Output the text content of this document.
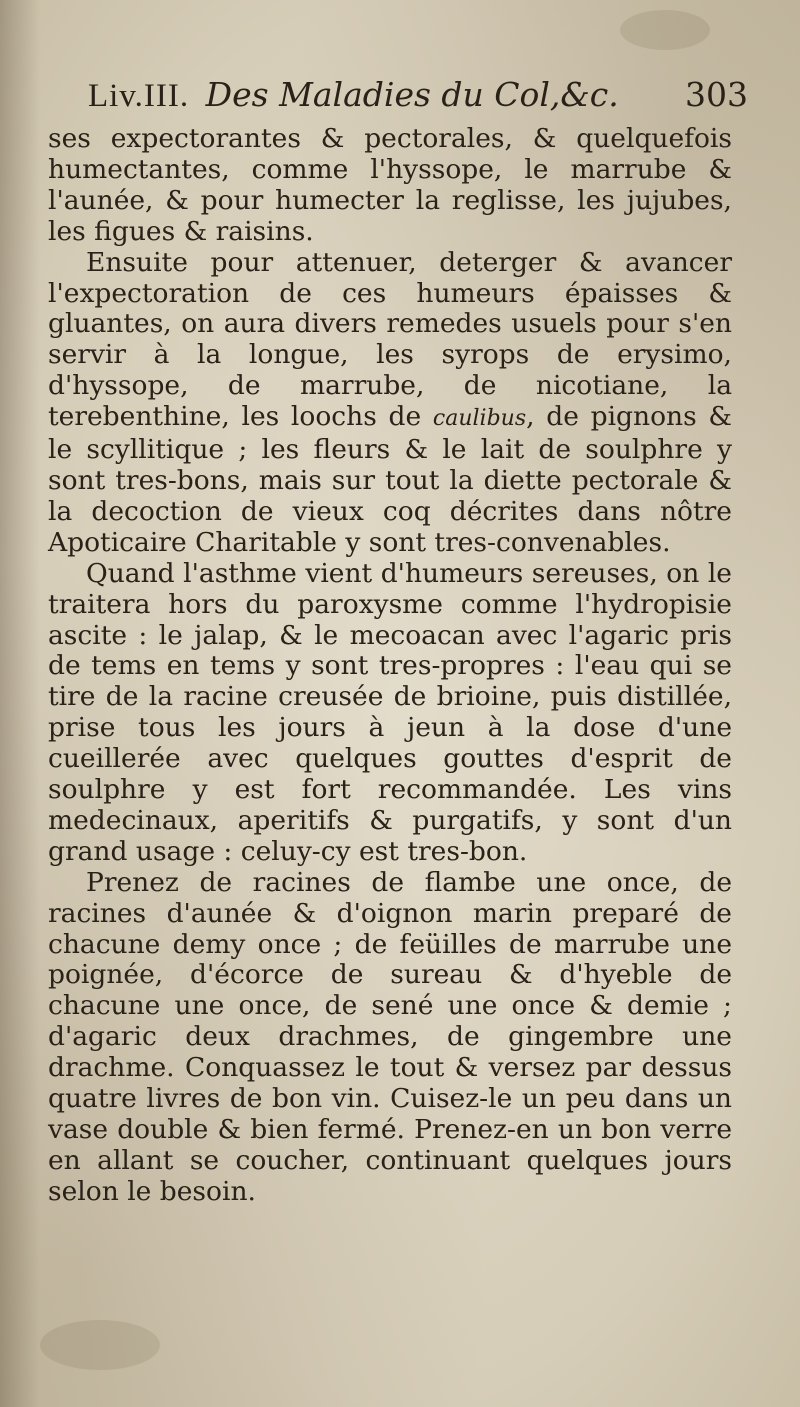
Liv.III. Des Maladies du Col,&c. 303

ses expectorantes & pectorales, & quelquefois humectantes, comme l'hyssope, le marrube & l'aunée, & pour humecter la reglisse, les jujubes, les figues & raisins.

Ensuite pour attenuer, deterger & avancer l'expectoration de ces humeurs épaisses & gluantes, on aura divers remedes usuels pour s'en servir à la longue, les syrops de erysimo, d'hyssope, de marrube, de nicotiane, la terebenthine, les loochs de caulibus, de pignons & le scyllitique ; les fleurs & le lait de soulphre y sont tres-bons, mais sur tout la diette pectorale & la decoction de vieux coq décrites dans nôtre Apoticaire Charitable y sont tres-convenables.

Quand l'asthme vient d'humeurs sereuses, on le traitera hors du paroxysme comme l'hydropisie ascite : le jalap, & le mecoacan avec l'agaric pris de tems en tems y sont tres-propres : l'eau qui se tire de la racine creusée de brioine, puis distillée, prise tous les jours à jeun à la dose d'une cueillerée avec quelques gouttes d'esprit de soulphre y est fort recommandée. Les vins medecinaux, aperitifs & purgatifs, y sont d'un grand usage : celuy-cy est tres-bon.

Prenez de racines de flambe une once, de racines d'aunée & d'oignon marin preparé de chacune demy once ; de feüilles de marrube une poignée, d'écorce de sureau & d'hyeble de chacune une once, de sené une once & demie ; d'agaric deux drachmes, de gingembre une drachme. Conquassez le tout & versez par dessus quatre livres de bon vin. Cuisez-le un peu dans un vase double & bien fermé. Prenez-en un bon verre en allant se coucher, continuant quelques jours selon le besoin.
